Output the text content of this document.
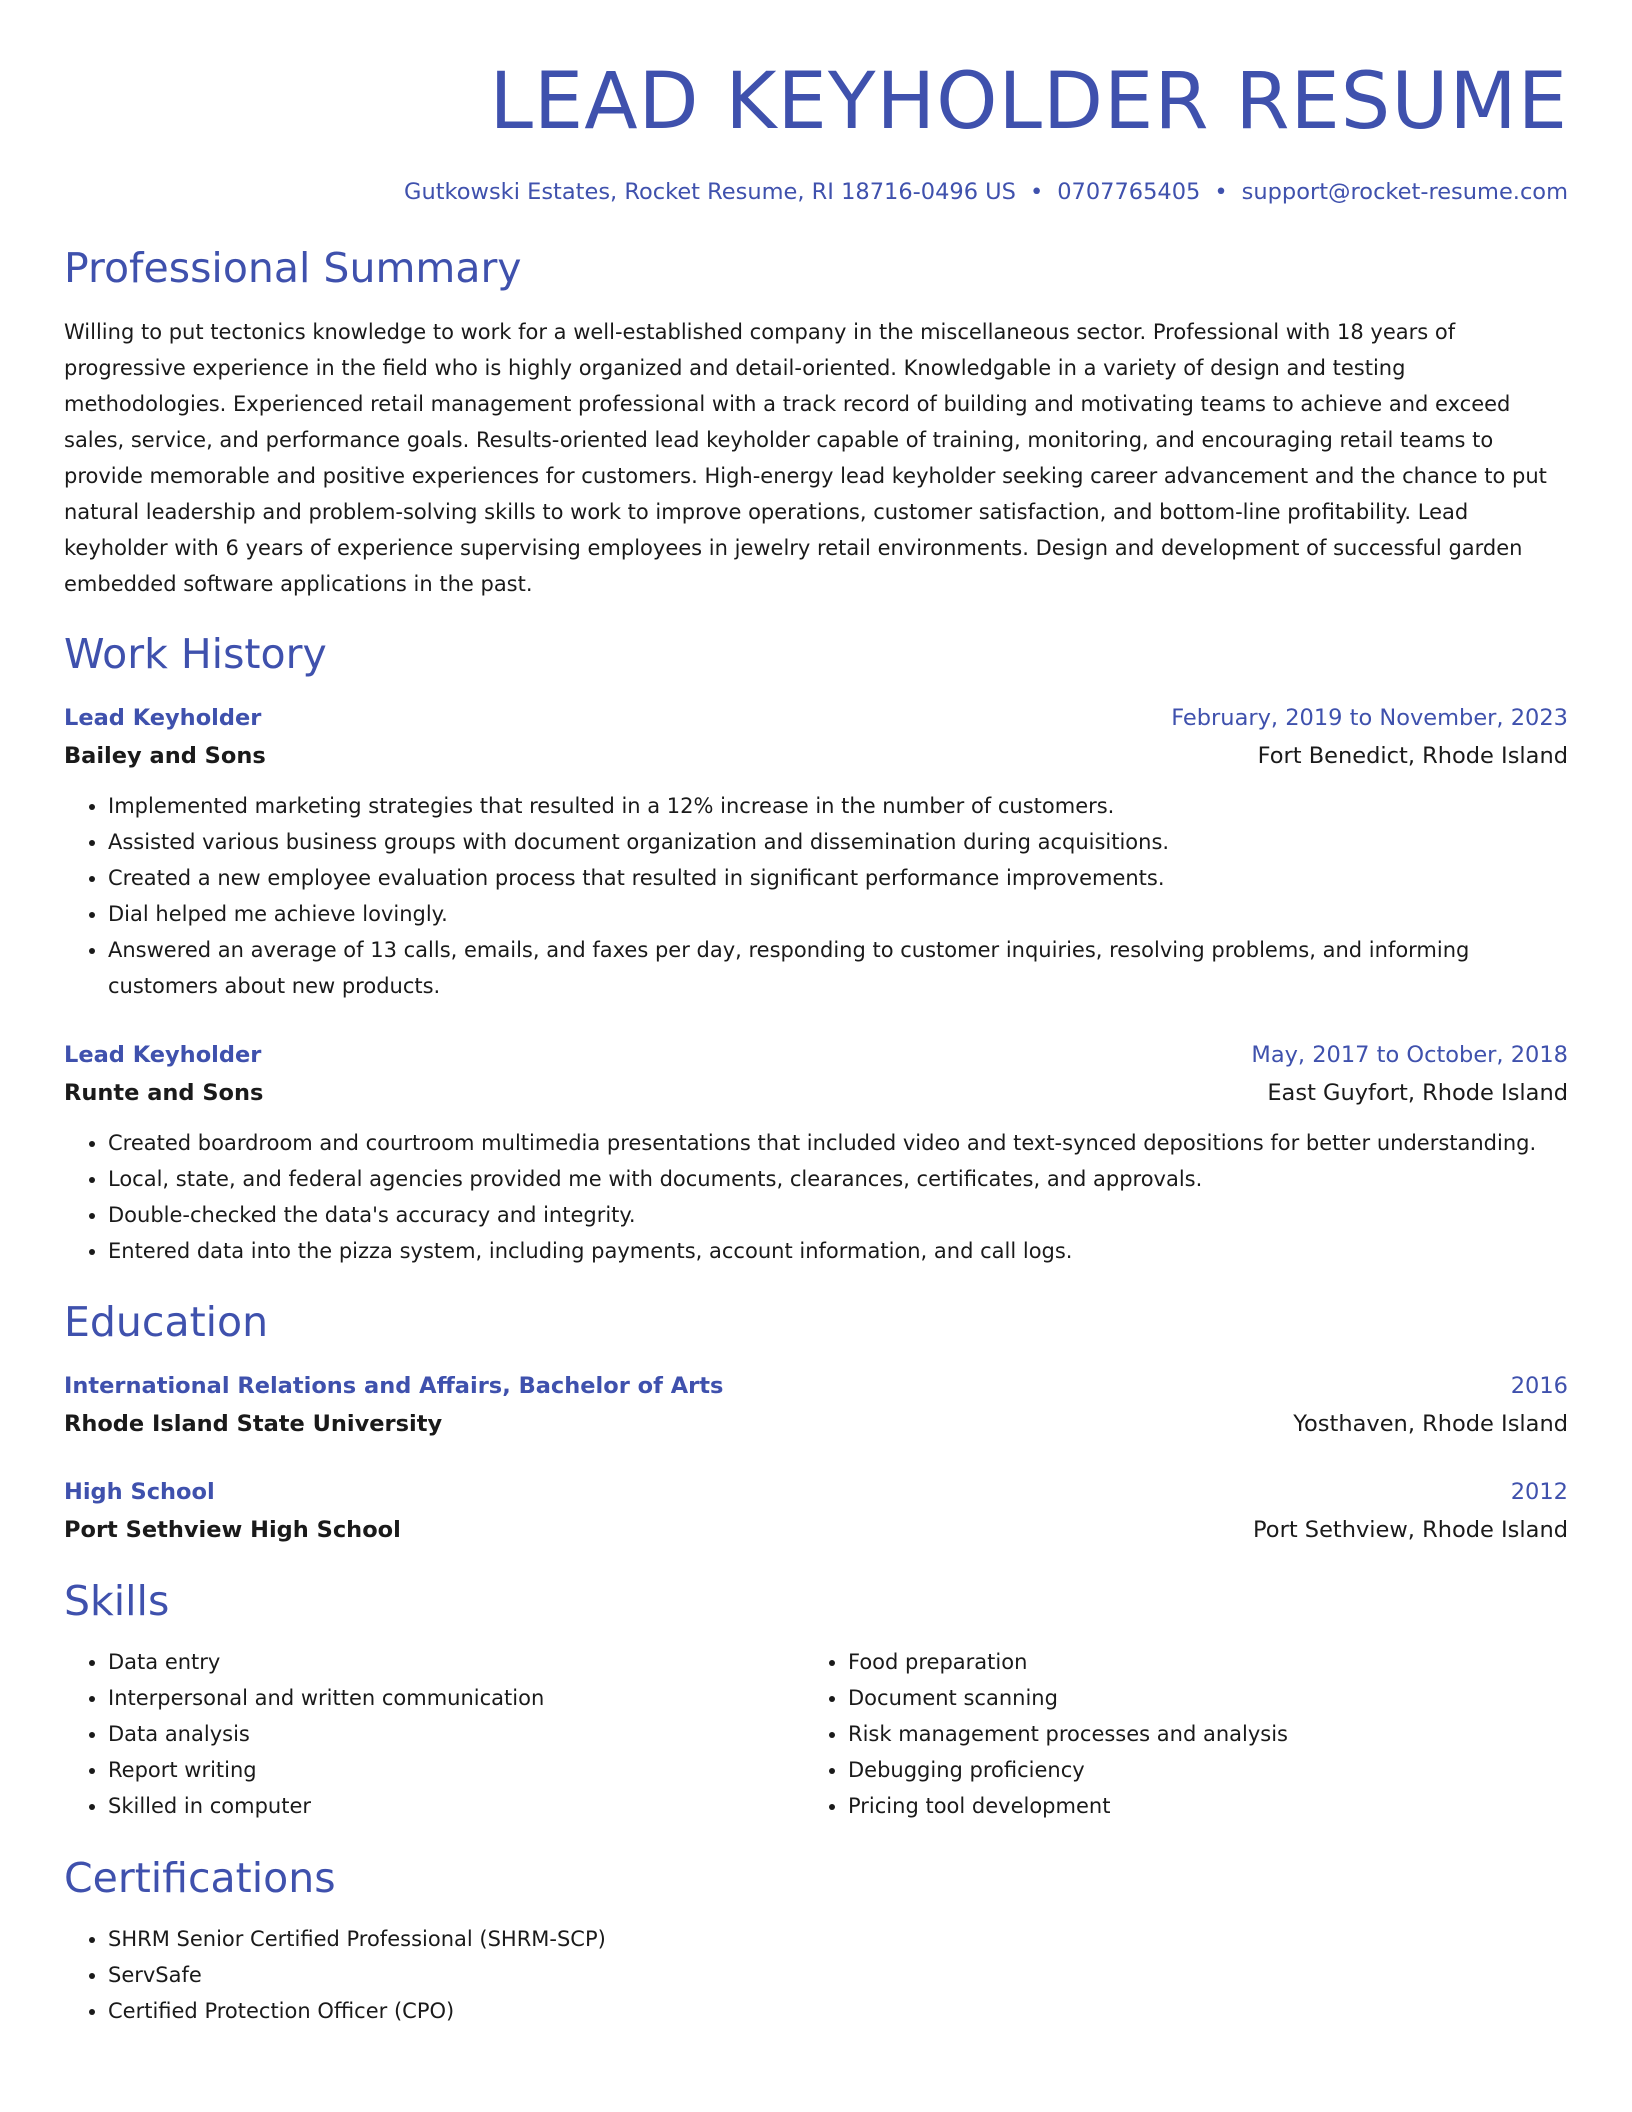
LEAD KEYHOLDER RESUME
Gutkowski Estates, Rocket Resume, RI 18716-0496 US • 0707765405 • support@rocket-resume.com
Professional Summary

Willing to put tectonics knowledge to work for a well-established company in the miscellaneous sector. Professional with 18 years of progressive experience in the field who is highly organized and detail-oriented. Knowledgable in a variety of design and testing methodologies. Experienced retail management professional with a track record of building and motivating teams to achieve and exceed sales, service, and performance goals. Results-oriented lead keyholder capable of training, monitoring, and encouraging retail teams to provide memorable and positive experiences for customers. High-energy lead keyholder seeking career advancement and the chance to put natural leadership and problem-solving skills to work to improve operations, customer satisfaction, and bottom-line profitability. Lead keyholder with 6 years of experience supervising employees in jewelry retail environments. Design and development of successful garden embedded software applications in the past.

Work History
Lead Keyholder	February, 2019 to November, 2023
Bailey and Sons	Fort Benedict, Rhode Island
• Implemented marketing strategies that resulted in a 12% increase in the number of customers.
• Assisted various business groups with document organization and dissemination during acquisitions.
• Created a new employee evaluation process that resulted in significant performance improvements.
• Dial helped me achieve lovingly.
• Answered an average of 13 calls, emails, and faxes per day, responding to customer inquiries, resolving problems, and informing customers about new products.
Lead Keyholder	May, 2017 to October, 2018
Runte and Sons	East Guyfort, Rhode Island
• Created boardroom and courtroom multimedia presentations that included video and text-synced depositions for better understanding.
• Local, state, and federal agencies provided me with documents, clearances, certificates, and approvals.
• Double-checked the data's accuracy and integrity.
• Entered data into the pizza system, including payments, account information, and call logs.
Education
International Relations and Affairs, Bachelor of Arts	2016
Rhode Island State University	Yosthaven, Rhode Island
High School	2012
Port Sethview High School	Port Sethview, Rhode Island
Skills
• Data entry
• Interpersonal and written communication
• Data analysis
• Report writing
• Skilled in computer
• Food preparation
• Document scanning
• Risk management processes and analysis
• Debugging proficiency
• Pricing tool development
Certifications
• SHRM Senior Certified Professional (SHRM-SCP)
• ServSafe
• Certified Protection Officer (CPO)
